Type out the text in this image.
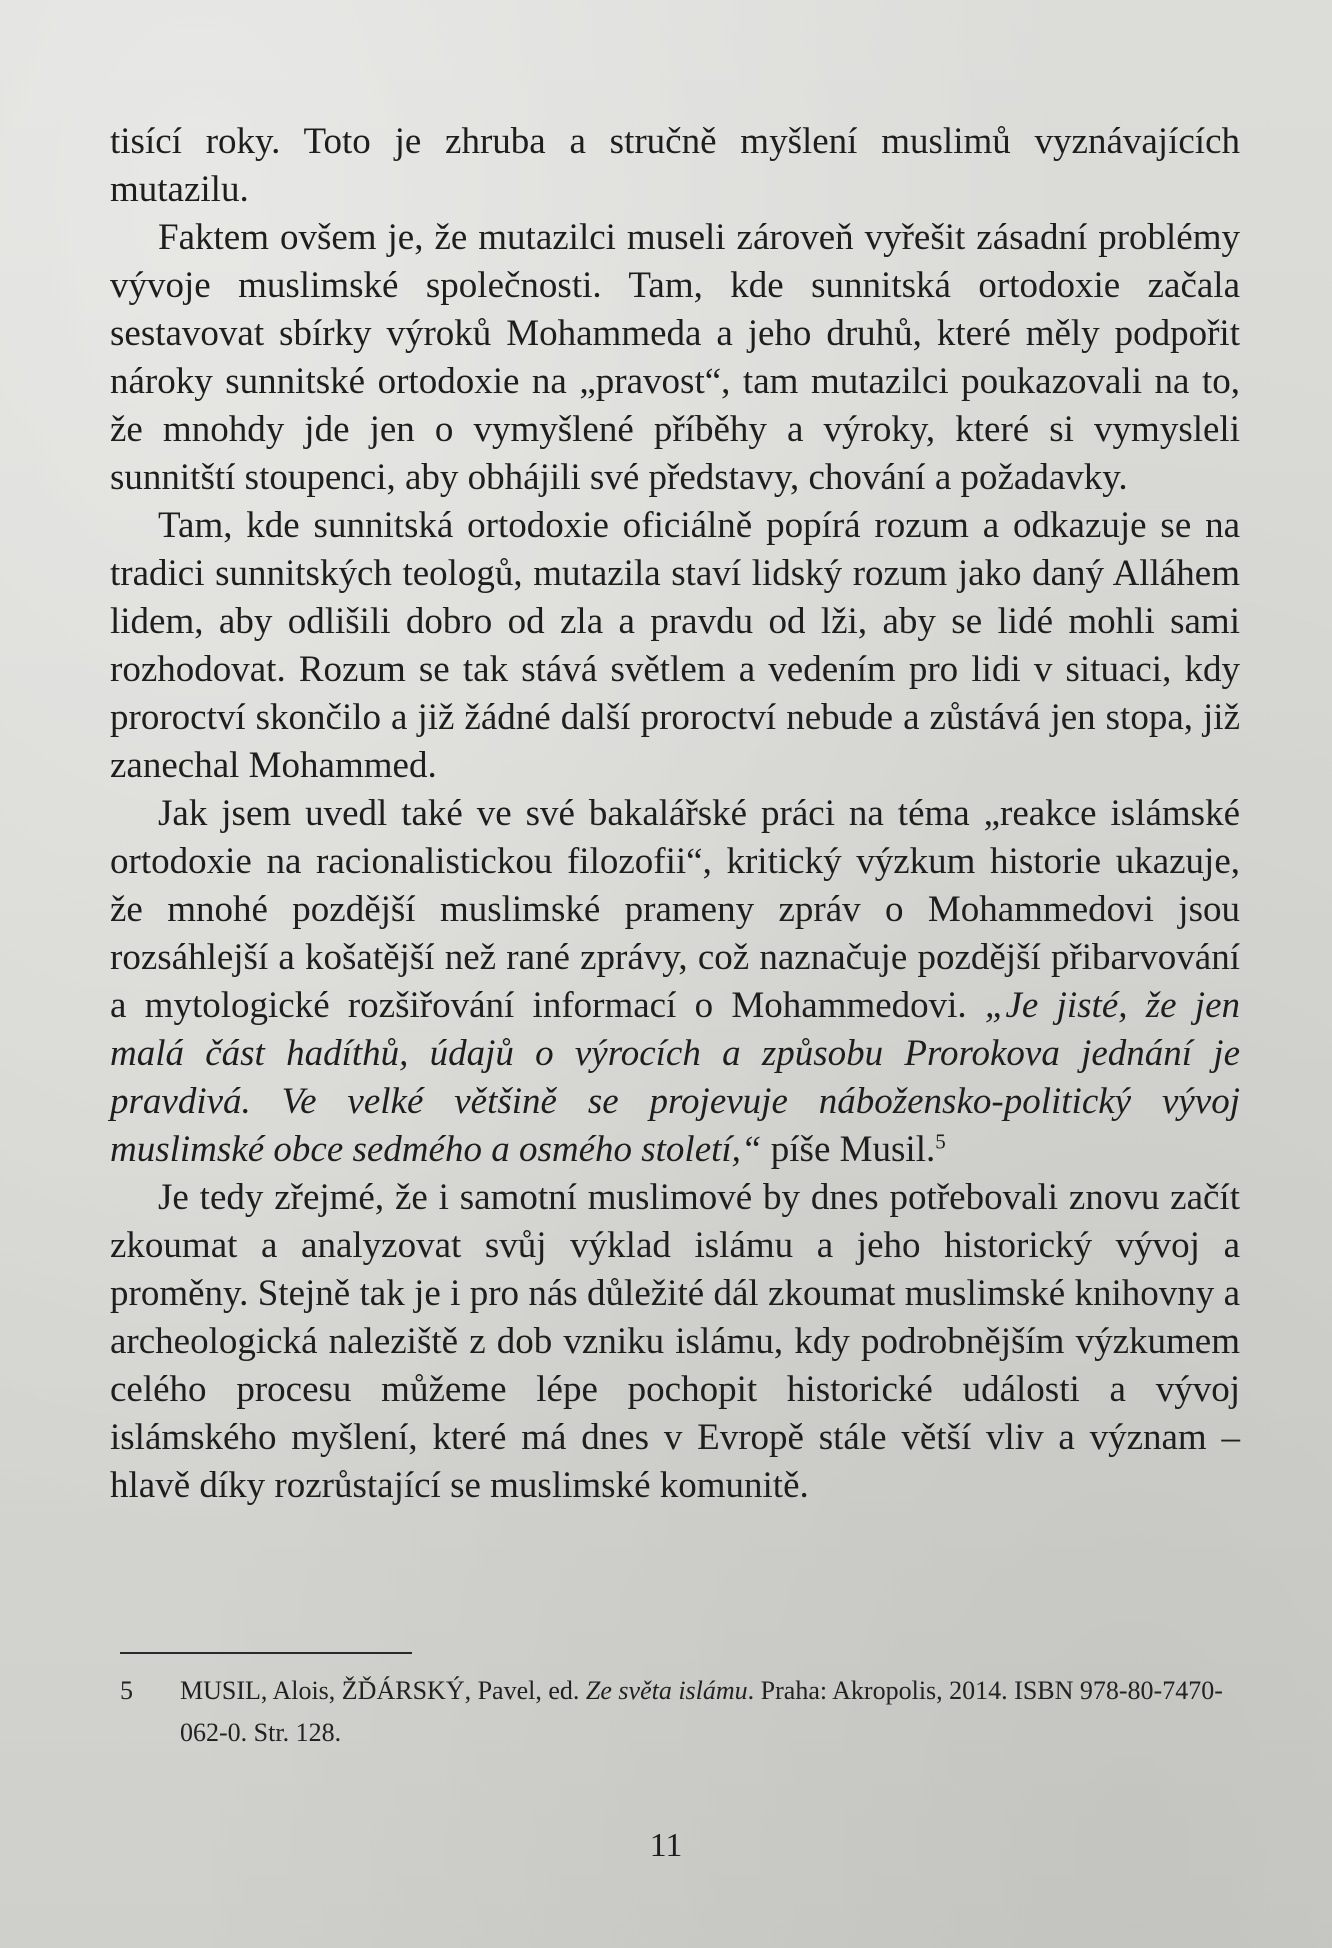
tisící roky. Toto je zhruba a stručně myšlení muslimů vyznávajících mutazilu.

Faktem ovšem je, že mutazilci museli zároveň vyřešit zásadní problémy vývoje muslimské společnosti. Tam, kde sunnitská ortodoxie začala sestavovat sbírky výroků Mohammeda a jeho druhů, které měly podpořit nároky sunnitské ortodoxie na „pravost“, tam mutazilci poukazovali na to, že mnohdy jde jen o vymyšlené příběhy a výroky, které si vymysleli sunnitští stoupenci, aby obhájili své představy, chování a požadavky.

Tam, kde sunnitská ortodoxie oficiálně popírá rozum a odkazuje se na tradici sunnitských teologů, mutazila staví lidský rozum jako daný Alláhem lidem, aby odlišili dobro od zla a pravdu od lži, aby se lidé mohli sami rozhodovat. Rozum se tak stává světlem a vedením pro lidi v situaci, kdy proroctví skončilo a již žádné další proroctví nebude a zůstává jen stopa, již zanechal Mohammed.

Jak jsem uvedl také ve své bakalářské práci na téma „reakce islámské ortodoxie na racionalistickou filozofii“, kritický výzkum historie ukazuje, že mnohé pozdější muslimské prameny zpráv o Mohammedovi jsou rozsáhlejší a košatější než rané zprávy, což naznačuje pozdější přibarvování a mytologické rozšiřování informací o Mohammedovi. „Je jisté, že jen malá část hadíthů, údajů o výrocích a způsobu Prorokova jednání je pravdivá. Ve velké většině se projevuje nábožensko-politický vývoj muslimské obce sedmého a osmého století,“ píše Musil.$^5$

Je tedy zřejmé, že i samotní muslimové by dnes potřebovali znovu začít zkoumat a analyzovat svůj výklad islámu a jeho historický vývoj a proměny. Stejně tak je i pro nás důležité dál zkoumat muslimské knihovny a archeologická naleziště z dob vzniku islámu, kdy podrobnějším výzkumem celého procesu můžeme lépe pochopit historické události a vývoj islámského myšlení, které má dnes v Evropě stále větší vliv a význam – hlavě díky rozrůstající se muslimské komunitě.

5	MUSIL, Alois, ŽĎÁRSKÝ, Pavel, ed. Ze světa islámu. Praha: Akropolis, 2014. ISBN 978-80-7470-062-0. Str. 128.
11
